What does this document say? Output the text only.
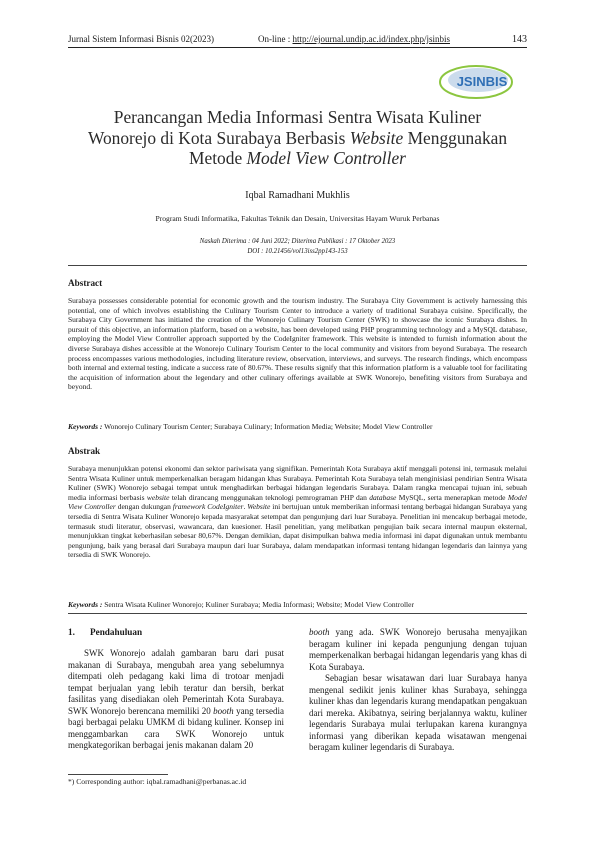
Jurnal Sistem Informasi Bisnis 02(2023)	On-line : http://ejournal.undip.ac.id/index.php/jsinbis	143
JSINBIS
Perancangan Media Informasi Sentra Wisata Kuliner
Wonorejo di Kota Surabaya Berbasis Website Menggunakan
Metode Model View Controller
Iqbal Ramadhani Mukhlis
Program Studi Informatika, Fakultas Teknik dan Desain, Universitas Hayam Wuruk Perbanas
Naskah Diterima : 04 Juni 2022; Diterima Publikasi : 17 Oktober 2023
DOI : 10.21456/vol13iss2pp143-153
Abstract
Surabaya possesses considerable potential for economic growth and the tourism industry. The Surabaya City Government is actively harnessing this potential, one of which involves establishing the Culinary Tourism Center to introduce a variety of traditional Surabaya cuisine. Specifically, the Surabaya City Government has initiated the creation of the Wonorejo Culinary Tourism Center (SWK) to showcase the iconic Surabaya dishes. In pursuit of this objective, an information platform, based on a website, has been developed using PHP programming technology and a MySQL database, employing the Model View Controller approach supported by the CodeIgniter framework. This website is intended to furnish information about the diverse Surabaya dishes accessible at the Wonorejo Culinary Tourism Center to the local community and visitors from beyond Surabaya. The research process encompasses various methodologies, including literature review, observation, interviews, and surveys. The research findings, which encompass both internal and external testing, indicate a success rate of 80.67%. These results signify that this information platform is a valuable tool for facilitating the acquisition of information about the legendary and other culinary offerings available at SWK Wonorejo, benefiting visitors from Surabaya and beyond.
Keywords : Wonorejo Culinary Tourism Center; Surabaya Culinary; Information Media; Website; Model View Controller
Abstrak
Surabaya menunjukkan potensi ekonomi dan sektor pariwisata yang signifikan. Pemerintah Kota Surabaya aktif menggali potensi ini, termasuk melalui Sentra Wisata Kuliner untuk memperkenalkan beragam hidangan khas Surabaya. Pemerintah Kota Surabaya telah menginisiasi pendirian Sentra Wisata Kuliner (SWK) Wonorejo sebagai tempat untuk menghadirkan berbagai hidangan legendaris Surabaya. Dalam rangka mencapai tujuan ini, sebuah media informasi berbasis website telah dirancang menggunakan teknologi pemrograman PHP dan database MySQL, serta menerapkan metode Model View Controller dengan dukungan framework CodeIgniter. Website ini bertujuan untuk memberikan informasi tentang berbagai hidangan Surabaya yang tersedia di Sentra Wisata Kuliner Wonorejo kepada masyarakat setempat dan pengunjung dari luar Surabaya. Penelitian ini mencakup berbagai metode, termasuk studi literatur, observasi, wawancara, dan kuesioner. Hasil penelitian, yang melibatkan pengujian baik secara internal maupun eksternal, menunjukkan tingkat keberhasilan sebesar 80,67%. Dengan demikian, dapat disimpulkan bahwa media informasi ini dapat digunakan untuk membantu pengunjung, baik yang berasal dari Surabaya maupun dari luar Surabaya, dalam mendapatkan informasi tentang hidangan legendaris dan lainnya yang tersedia di SWK Wonorejo.
Keywords : Sentra Wisata Kuliner Wonorejo; Kuliner Surabaya; Media Informasi; Website; Model View Controller
1. Pendahuluan

SWK Wonorejo adalah gambaran baru dari pusat makanan di Surabaya, mengubah area yang sebelumnya ditempati oleh pedagang kaki lima di trotoar menjadi tempat berjualan yang lebih teratur dan bersih, berkat fasilitas yang disediakan oleh Pemerintah Kota Surabaya. SWK Wonorejo berencana memiliki 20 booth yang tersedia bagi berbagai pelaku UMKM di bidang kuliner. Konsep ini menggambarkan cara SWK Wonorejo untuk mengkategorikan berbagai jenis makanan dalam 20

booth yang ada. SWK Wonorejo berusaha menyajikan beragam kuliner ini kepada pengunjung dengan tujuan memperkenalkan berbagai hidangan legendaris yang khas di Kota Surabaya.

Sebagian besar wisatawan dari luar Surabaya hanya mengenal sedikit jenis kuliner khas Surabaya, sehingga kuliner khas dan legendaris kurang mendapatkan pengakuan dari mereka. Akibatnya, seiring berjalannya waktu, kuliner legendaris Surabaya mulai terlupakan karena kurangnya informasi yang diberikan kepada wisatawan mengenai beragam kuliner legendaris di Surabaya.

*) Corresponding author: iqbal.ramadhani@perbanas.ac.id
